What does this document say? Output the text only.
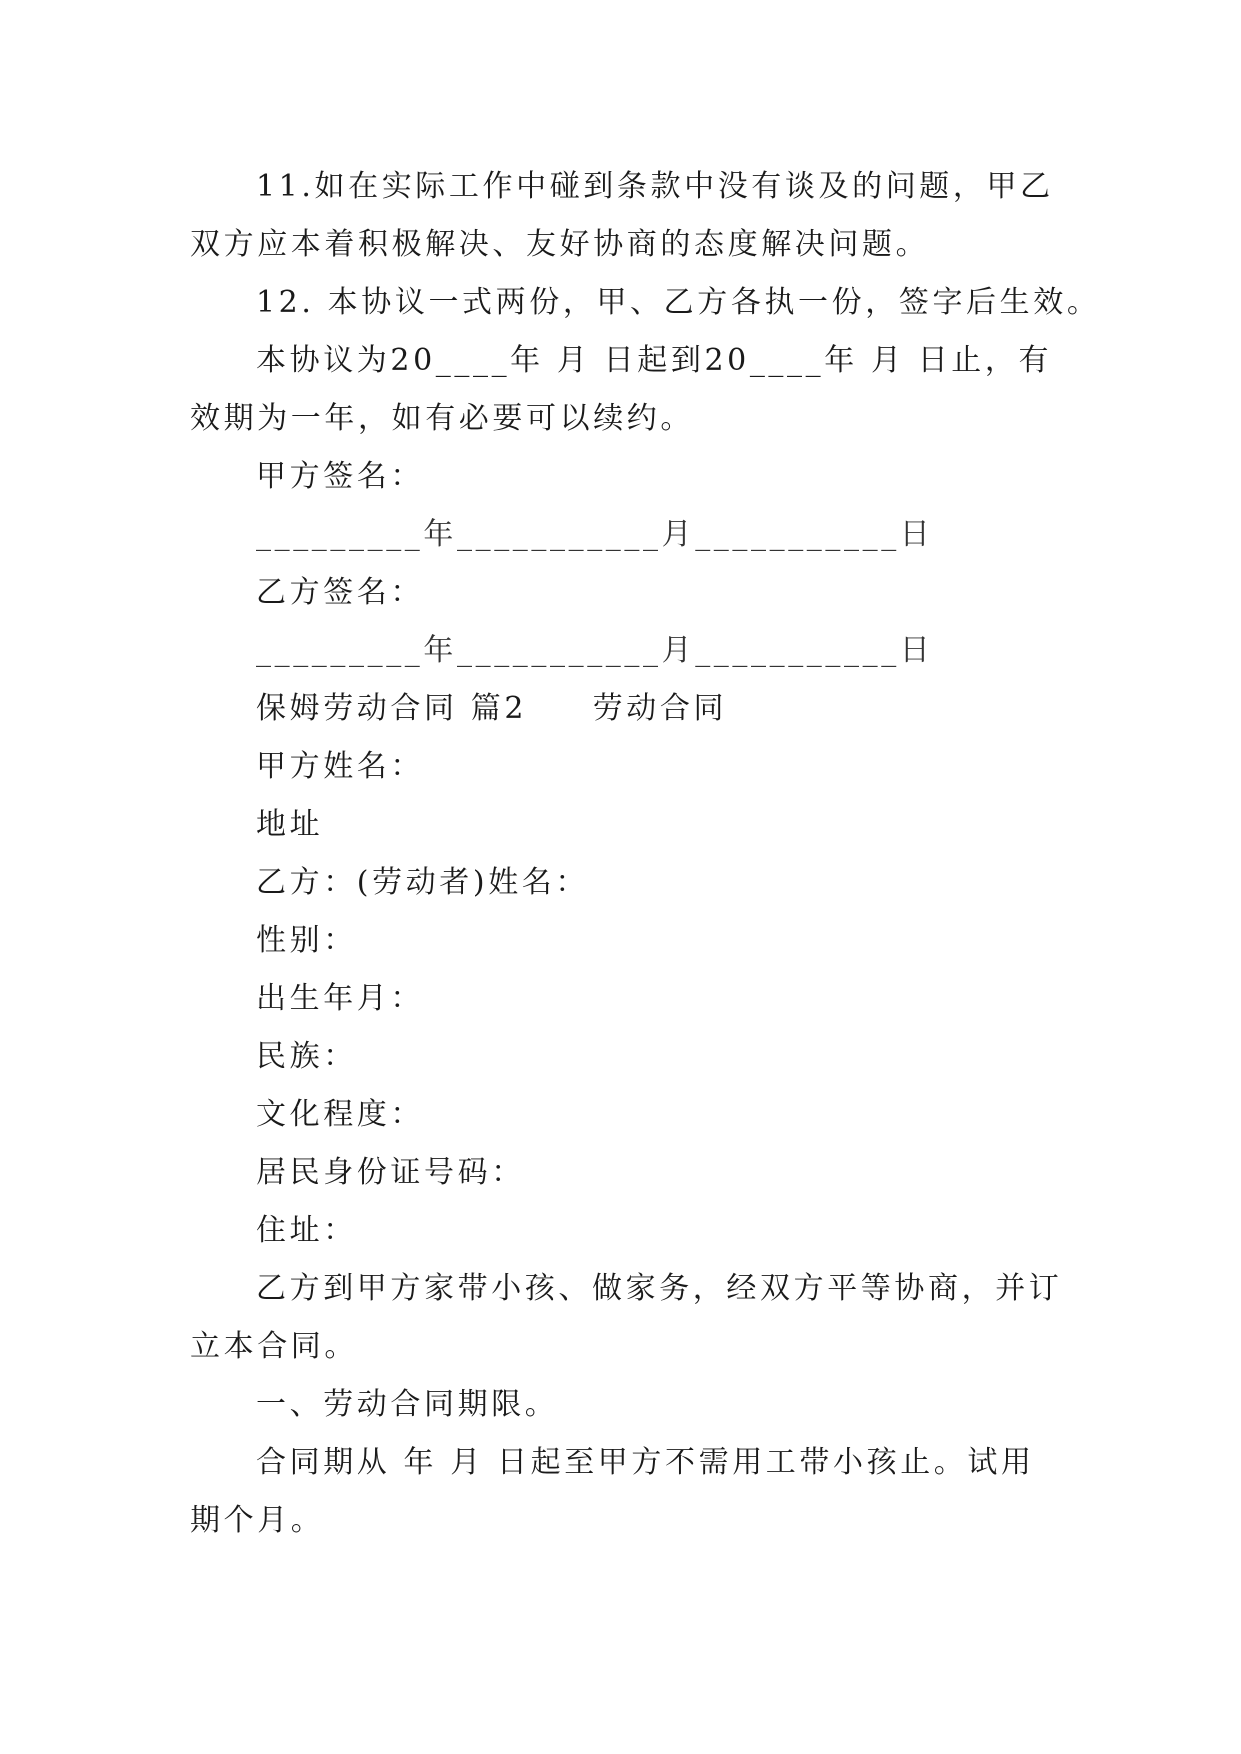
11.如在实际工作中碰到条款中没有谈及的问题，甲乙
双方应本着积极解决、友好协商的态度解决问题。
12. 本协议一式两份，甲、乙方各执一份，签字后生效。
本协议为20____年 月 日起到20____年 月 日止，有
效期为一年，如有必要可以续约。
甲方签名：
_________年___________月___________日
乙方签名：
_________年___________月___________日
保姆劳动合同 篇2     劳动合同
甲方姓名：
地址
乙方：(劳动者)姓名：
性别：
出生年月：
民族：
文化程度：
居民身份证号码：
住址：
乙方到甲方家带小孩、做家务，经双方平等协商，并订
立本合同。
一、劳动合同期限。
合同期从 年 月 日起至甲方不需用工带小孩止。试用
期个月。
